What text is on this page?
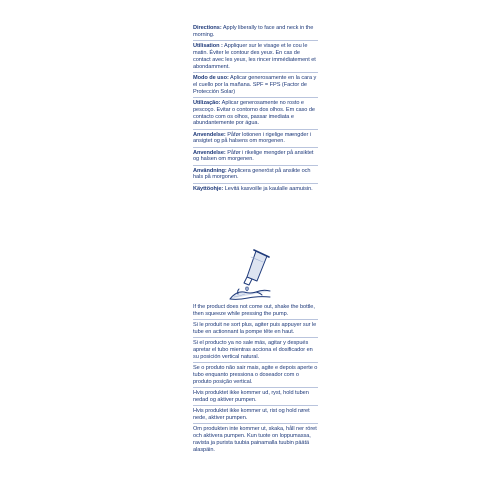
Directions: Apply liberally to face and neck in the morning.
Utilisation : Appliquer sur le visage et le cou le matin. Éviter le contour des yeux. En cas de contact avec les yeux, les rincer immédiatement et abondamment.
Modo de uso: Aplicar generosamente en la cara y el cuello por la mañana. SPF = FPS (Factor de Protección Solar)
Utilização: Aplicar generosamente no rosto e pescoço. Evitar o contorno dos olhos. Em caso de contacto com os olhos, passar imediata e abundantemente por água.
Anvendelse: Påfør lotionen i rigelige mængder i ansigtet og på halsens om morgenen.
Anvendelse: Påfør i rikelige mengder på ansiktet og halsen om morgenen.
Användning: Applicera generöst på ansikte och hals på morgonen.
Käyttöohje: Levitä kasvoille ja kaulalle aamuisin.
If the product does not come out, shake the bottle, then squeeze while pressing the pump.
Si le produit ne sort plus, agiter puis appuyer sur le tube en actionnant la pompe tête en haut.
Si el producto ya no sale más, agitar y después apretar el tubo mientras acciona el dosificador en su posición vertical natural.
Se o produto não sair mais, agite e depois aperte o tubo enquanto pressiona o doseador com o produto posição vertical.
Hvis produktet ikke kommer ud, ryst, hold tuben nedad og aktiver pumpen.
Hvis produktet ikke kommer ut, rist og hold røret nede, aktiver pumpen.
Om produkten inte kommer ut, skaka, håll ner röret och aktivera pumpen. Kun tuote on loppumassa, ravista ja purista tuubia painamalla tuubin päätä alaspäin.
